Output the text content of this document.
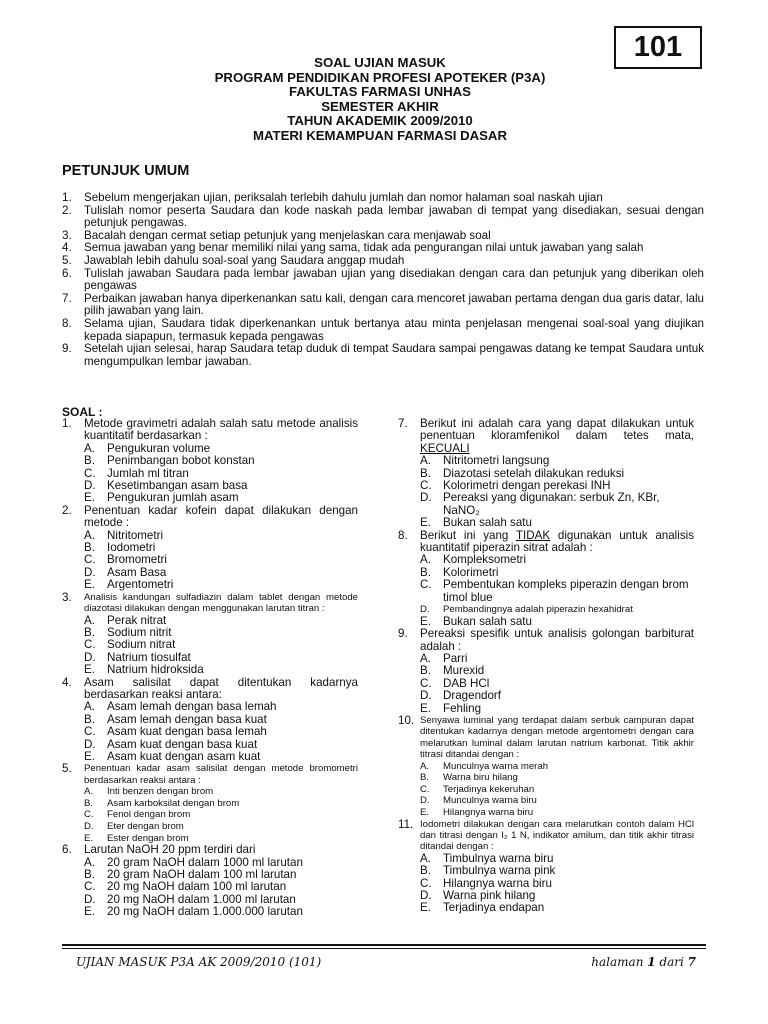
101
SOAL UJIAN MASUK
PROGRAM PENDIDIKAN PROFESI APOTEKER (P3A)
FAKULTAS FARMASI UNHAS
SEMESTER AKHIR
TAHUN AKADEMIK 2009/2010
MATERI KEMAMPUAN FARMASI DASAR
PETUNJUK UMUM
1.	Sebelum mengerjakan ujian, periksalah terlebih dahulu jumlah dan nomor halaman soal naskah ujian
2.	Tulislah nomor peserta Saudara dan kode naskah pada lembar jawaban di tempat yang disediakan, sesuai dengan petunjuk pengawas.
3.	Bacalah dengan cermat setiap petunjuk yang menjelaskan cara menjawab soal
4.	Semua jawaban yang benar memiliki nilai yang sama, tidak ada pengurangan nilai untuk jawaban yang salah
5.	Jawablah lebih dahulu soal-soal yang Saudara anggap mudah
6.	Tulislah jawaban Saudara pada lembar jawaban ujian yang disediakan dengan cara dan petunjuk yang diberikan oleh pengawas
7.	Perbaikan jawaban hanya diperkenankan satu kali, dengan cara mencoret jawaban pertama dengan dua garis datar, lalu pilih jawaban yang lain.
8.	Selama ujian, Saudara tidak diperkenankan untuk bertanya atau minta penjelasan mengenai soal-soal yang diujikan kepada siapapun, termasuk kepada pengawas
9.	Setelah ujian selesai, harap Saudara tetap duduk di tempat Saudara sampai pengawas datang ke tempat Saudara untuk mengumpulkan lembar jawaban.
SOAL :
1.	Metode gravimetri adalah salah satu metode analisis kuantitatif berdasarkan :
A.	Pengukuran volume
B.	Penimbangan bobot konstan
C. Jumlah ml titran
D. Kesetimbangan asam basa
E.	Pengukuran jumlah asam
2.	Penentuan kadar kofein dapat dilakukan dengan metode :
A.	Nitritometri
B.	Iodometri
C. Bromometri
D. Asam Basa
E.	Argentometri
3.	Analisis kandungan sulfadiazin dalam tablet dengan metode diazotasi dilakukan dengan menggunakan larutan titran :
A.	Perak nitrat
B.	Sodium nitrit
C. Sodium nitrat
D. Natrium tiosulfat
E.	Natrium hidroksida
4.	Asam salisilat dapat ditentukan kadarnya berdasarkan reaksi antara:
A.	Asam lemah dengan basa lemah
B.	Asam lemah dengan basa kuat
C. Asam kuat dengan basa lemah
D. Asam kuat dengan basa kuat
E.	Asam kuat dengan asam kuat
5.	Penentuan kadar asam salisilat dengan metode bromometri berdasarkan reaksi antara :
A.	Inti benzen dengan brom
B.	Asam karboksilat dengan brom
C.	Fenol dengan brom
D.	Eter dengan brom
E.	Ester dengan brom
6.	Larutan NaOH 20 ppm terdiri dari
A.	20 gram NaOH dalam 1000 ml larutan
B.	20 gram NaOH dalam 100 ml larutan
C. 20 mg NaOH dalam 100 ml larutan
D. 20 mg NaOH dalam 1.000 ml larutan
E.	20 mg NaOH dalam 1.000.000 larutan
7.	Berikut ini adalah cara yang dapat dilakukan untuk penentuan kloramfenikol dalam tetes mata, KECUALI
A.	Nitritometri langsung
B.	Diazotasi setelah dilakukan reduksi
C. Kolorimetri dengan perekasi INH
D. Pereaksi yang digunakan: serbuk Zn, KBr,
NaNO₂
E.	Bukan salah satu
8.	Berikut ini yang TIDAK digunakan untuk analisis kuantitatif piperazin sitrat adalah :
A.	Kompleksometri
B.	Kolorimetri
C. Pembentukan kompleks piperazin dengan brom timol blue
D.	Pembandingnya adalah piperazin hexahidrat
E.	Bukan salah satu
9.	Pereaksi spesifik untuk analisis golongan barbiturat adalah :
A.	Parri
B.	Murexid
C. DAB HCl
D. Dragendorf
E.	Fehling
10. Senyawa luminal yang terdapat dalam serbuk campuran dapat ditentukan kadarnya dengan metode argentometri dengan cara melarutkan luminal dalam larutan natrium karbonat. Titik akhir titrasi ditandai dengan :
A.	Munculnya warna merah
B.	Warna biru hilang
C.	Terjadinya kekeruhan
D.	Munculnya warna biru
E.	Hilangnya warna biru
11. Iodometri dilakukan dengan cara melarutkan contoh dalam HCl dan titrasi dengan I₂ 1 N, indikator amilum, dan titik akhir titrasi ditandai dengan :
A.	Timbulnya warna biru
B.	Timbulnya warna pink
C. Hilangnya warna biru
D. Warna pink hilang
E.	Terjadinya endapan
UJIAN MASUK P3A AK 2009/2010 (101)	halaman 1 dari 7
